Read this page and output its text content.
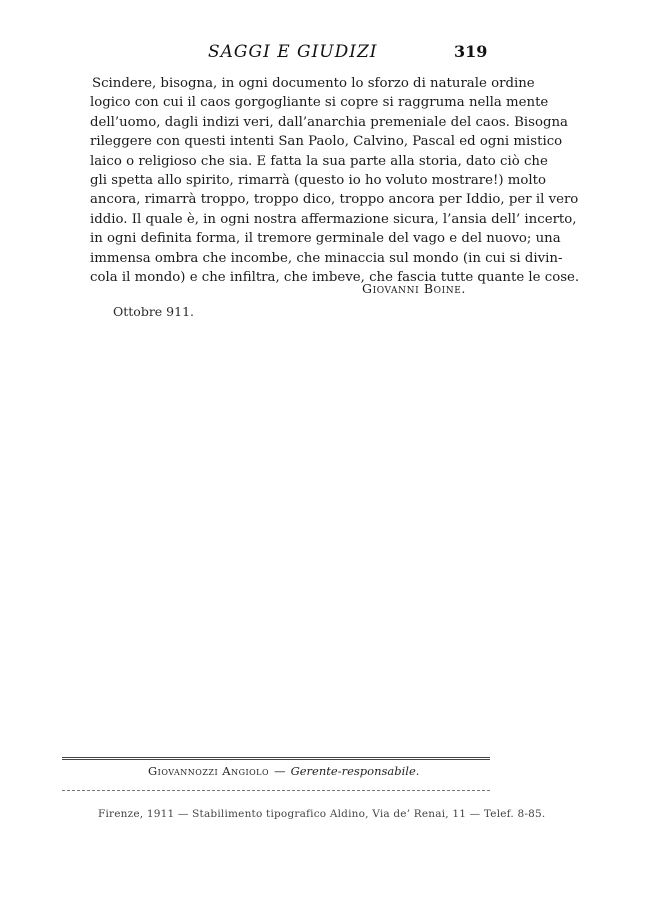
SAGGI E GIUDIZI	319
Scindere, bisogna, in ogni documento lo sforzo di naturale ordine
logico con cui il caos gorgogliante si copre si raggruma nella mente
dell’uomo, dagli indizi veri, dall’anarchia premeniale del caos. Bisogna
rileggere con questi intenti San Paolo, Calvino, Pascal ed ogni mistico
laico o religioso che sia. E fatta la sua parte alla storia, dato ciò che
gli spetta allo spirito, rimarrà (questo io ho voluto mostrare!) molto
ancora, rimarrà troppo, troppo dico, troppo ancora per Iddio, per il vero
iddio. Il quale è, in ogni nostra affermazione sicura, l’ansia dell’ incerto,
in ogni definita forma, il tremore germinale del vago e del nuovo; una
immensa ombra che incombe, che minaccia sul mondo (in cui si divin-
cola il mondo) e che infiltra, che imbeve, che fascia tutte quante le cose.
Giovanni Boine.
Ottobre 911.
Giovannozzi Angiolo — Gerente-responsabile.
Firenze, 1911 — Stabilimento tipografico Aldino, Via de’ Renai, 11 — Telef. 8-85.
